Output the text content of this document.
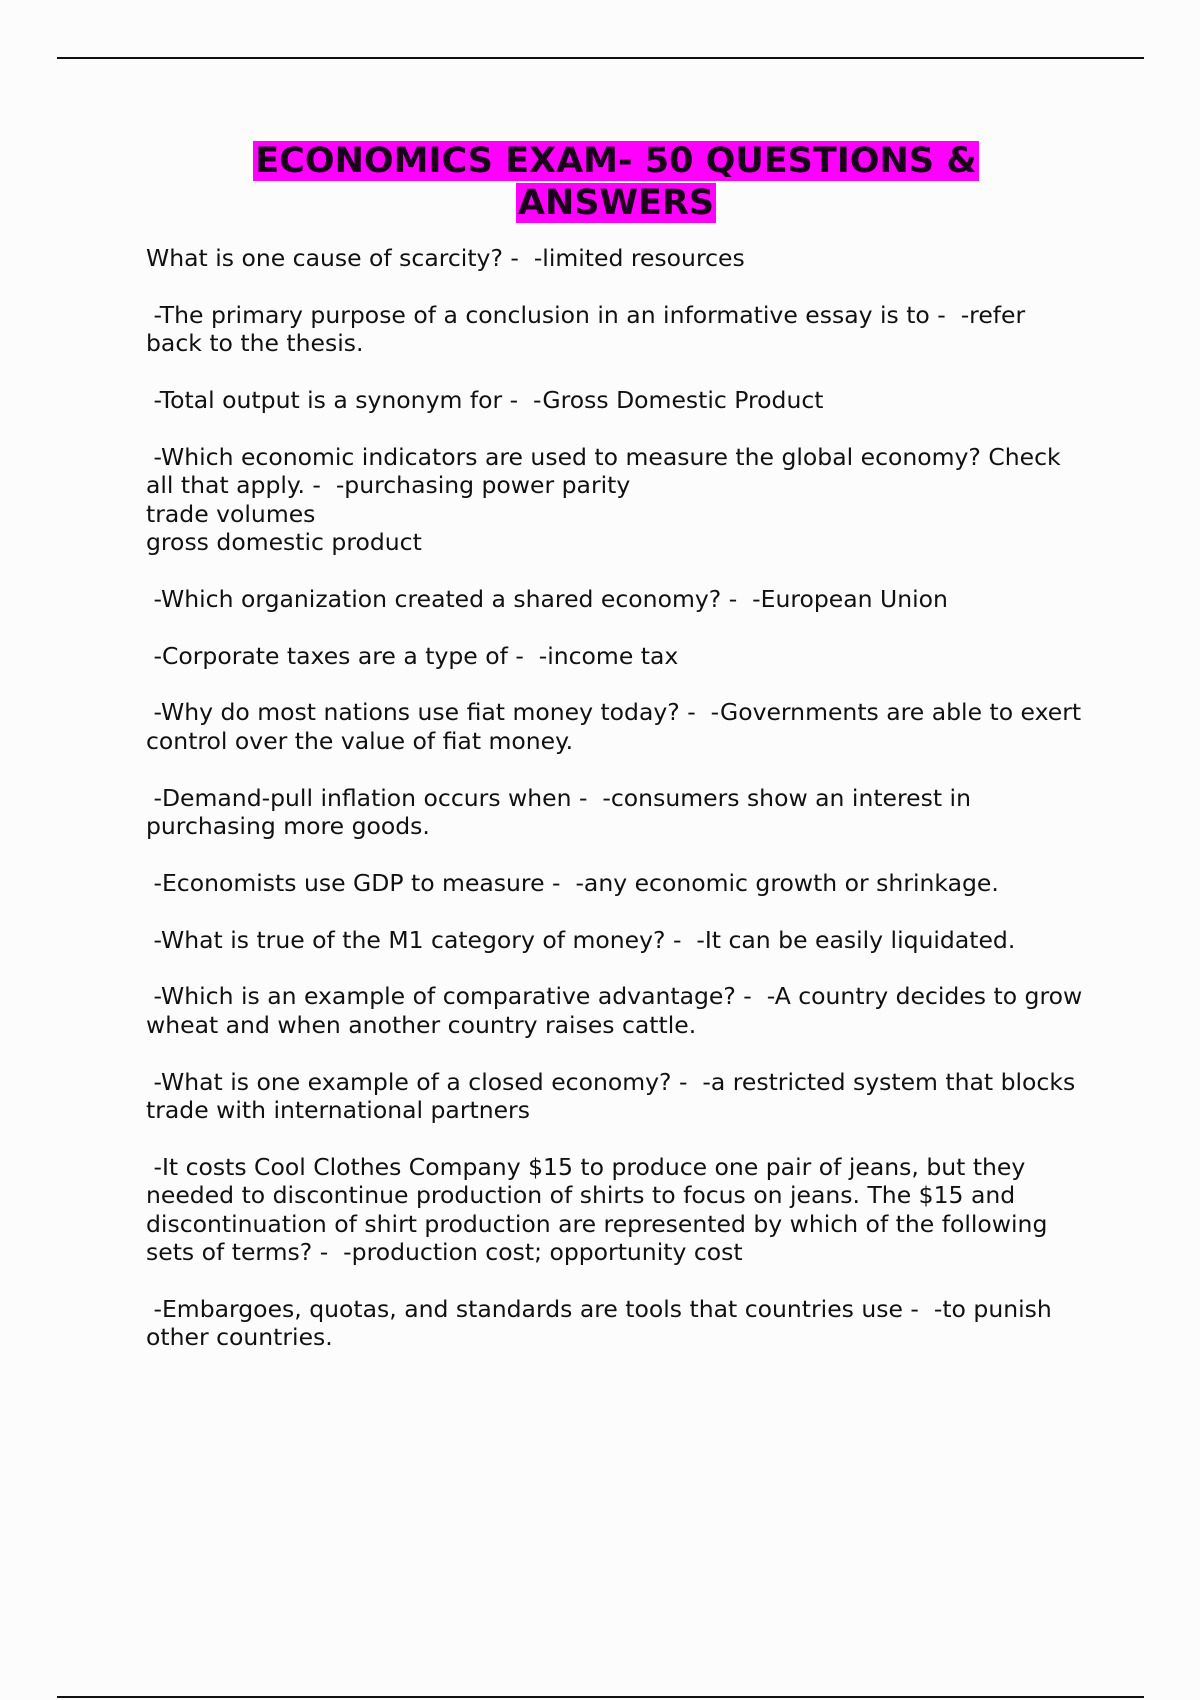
ECONOMICS EXAM- 50 QUESTIONS &
ANSWERS

What is one cause of scarcity? -  -limited resources

-The primary purpose of a conclusion in an informative essay is to -  -refer back to the thesis.

-Total output is a synonym for -  -Gross Domestic Product

-Which economic indicators are used to measure the global economy? Check all that apply. -  -purchasing power parity
trade volumes
gross domestic product

-Which organization created a shared economy? -  -European Union

-Corporate taxes are a type of -  -income tax

-Why do most nations use fiat money today? -  -Governments are able to exert control over the value of fiat money.

-Demand-pull inflation occurs when -  -consumers show an interest in purchasing more goods.

-Economists use GDP to measure -  -any economic growth or shrinkage.

-What is true of the M1 category of money? -  -It can be easily liquidated.

-Which is an example of comparative advantage? -  -A country decides to grow wheat and when another country raises cattle.

-What is one example of a closed economy? -  -a restricted system that blocks trade with international partners

-It costs Cool Clothes Company $15 to produce one pair of jeans, but they needed to discontinue production of shirts to focus on jeans. The $15 and discontinuation of shirt production are represented by which of the following sets of terms? -  -production cost; opportunity cost

-Embargoes, quotas, and standards are tools that countries use -  -to punish other countries.
